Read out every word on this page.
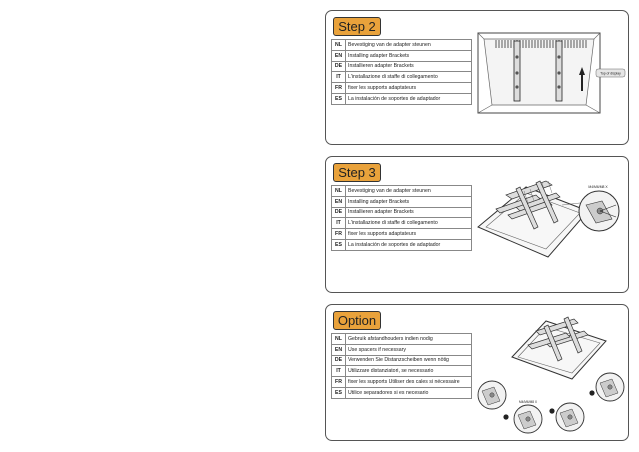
Step 2
NL	Bevestiging van de adapter steunen
EN	Installing adapter Brackets
DE	Installieren adapter Brackets
IT	L'installazione di staffe di collegamento
FR	fixer les supports adaptateurs
ES	La instalación de soportes de adaptador
Top of display
Step 3
NL	Bevestiging van de adapter steunen
EN	Installing adapter Brackets
DE	Installieren adapter Brackets
IT	L'installazione di staffe di collegamento
FR	fixer les supports adaptateurs
ES	La instalación de soportes de adaptador
M4/M6/M8 X
Option
NL	Gebruik afstandhouders indien nodig
EN	Use spacers if necessary
DE	Verwenden Sie Distanzscheiben wenn nötig
IT	Utilizzare distanziatori, se necessario
FR	fixer les supports Utiliser des cales si nécessaire
ES	Utilice separadores si es necesario
M4/M6/M8 X
